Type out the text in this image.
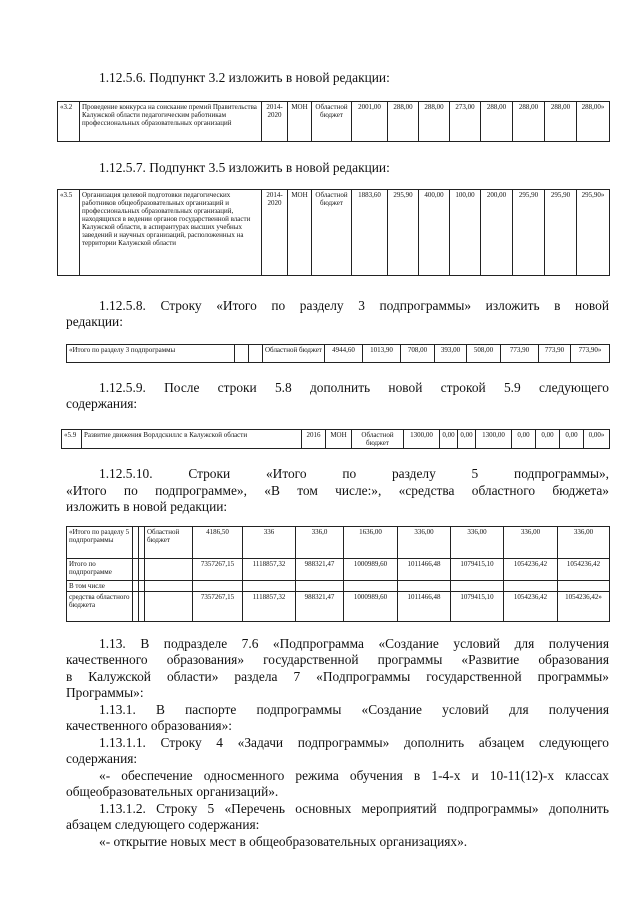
1.12.5.6. Подпункт 3.2 изложить в новой редакции:

«3.2	Проведение конкурса на соискание премий Правительства Калужской области педагогическим работникам профессиональных образовательных организаций	2014-2020	МОН	Областной бюджет	2001,00	288,00	288,00	273,00	288,00	288,00	288,00	288,00»

1.12.5.7. Подпункт 3.5 изложить в новой редакции:

«3.5	Организация целевой подготовки педагогических работников общеобразовательных организаций и профессиональных образовательных организаций, находящихся в ведении органов государственной власти Калужской области, в аспирантурах высших учебных заведений и научных организаций, расположенных на территории Калужской области	2014-2020	МОН	Областной бюджет	1883,60	295,90	400,00	100,00	200,00	295,90	295,90	295,90»

1.12.5.8. Строку «Итого по разделу 3 подпрограммы» изложить в новой

редакции:

«Итого по разделу 3 подпрограммы			Областной бюджет	4944,60	1013,90	708,00	393,00	508,00	773,90	773,90	773,90»

1.12.5.9. После строки 5.8 дополнить новой строкой 5.9 следующего

содержания:

«5.9	Развитие движения Ворлдскиллс в Калужской области	2016	МОН	Областной бюджет	1300,00	0,00	0,00	1300,00	0,00	0,00	0,00	0,00»

1.12.5.10. Строки «Итого по разделу 5 подпрограммы»,

«Итого по подпрограмме», «В том числе:», «средства областного бюджета»

изложить в новой редакции:

«Итого по разделу 5 подпрограммы			Областной бюджет	4186,50	336	336,0	1636,00	336,00	336,00	336,00	336,00
Итого по подпрограмме				7357267,15	1118857,32	988321,47	1000989,60	1011466,48	1079415,10	1054236,42	1054236,42
В том числе											
средства областного бюджета				7357267,15	1118857,32	988321,47	1000989,60	1011466,48	1079415,10	1054236,42	1054236,42»

1.13. В подразделе 7.6 «Подпрограмма «Создание условий для получения

качественного образования» государственной программы «Развитие образования

в Калужской области» раздела 7 «Подпрограммы государственной программы»

Программы»:

1.13.1. В паспорте подпрограммы «Создание условий для получения

качественного образования»:

1.13.1.1. Строку 4 «Задачи подпрограммы» дополнить абзацем следующего

содержания:

«- обеспечение односменного режима обучения в 1-4-х и 10-11(12)-х классах

общеобразовательных организаций».

1.13.1.2. Строку 5 «Перечень основных мероприятий подпрограммы» дополнить

абзацем следующего содержания:

«- открытие новых мест в общеобразовательных организациях».
